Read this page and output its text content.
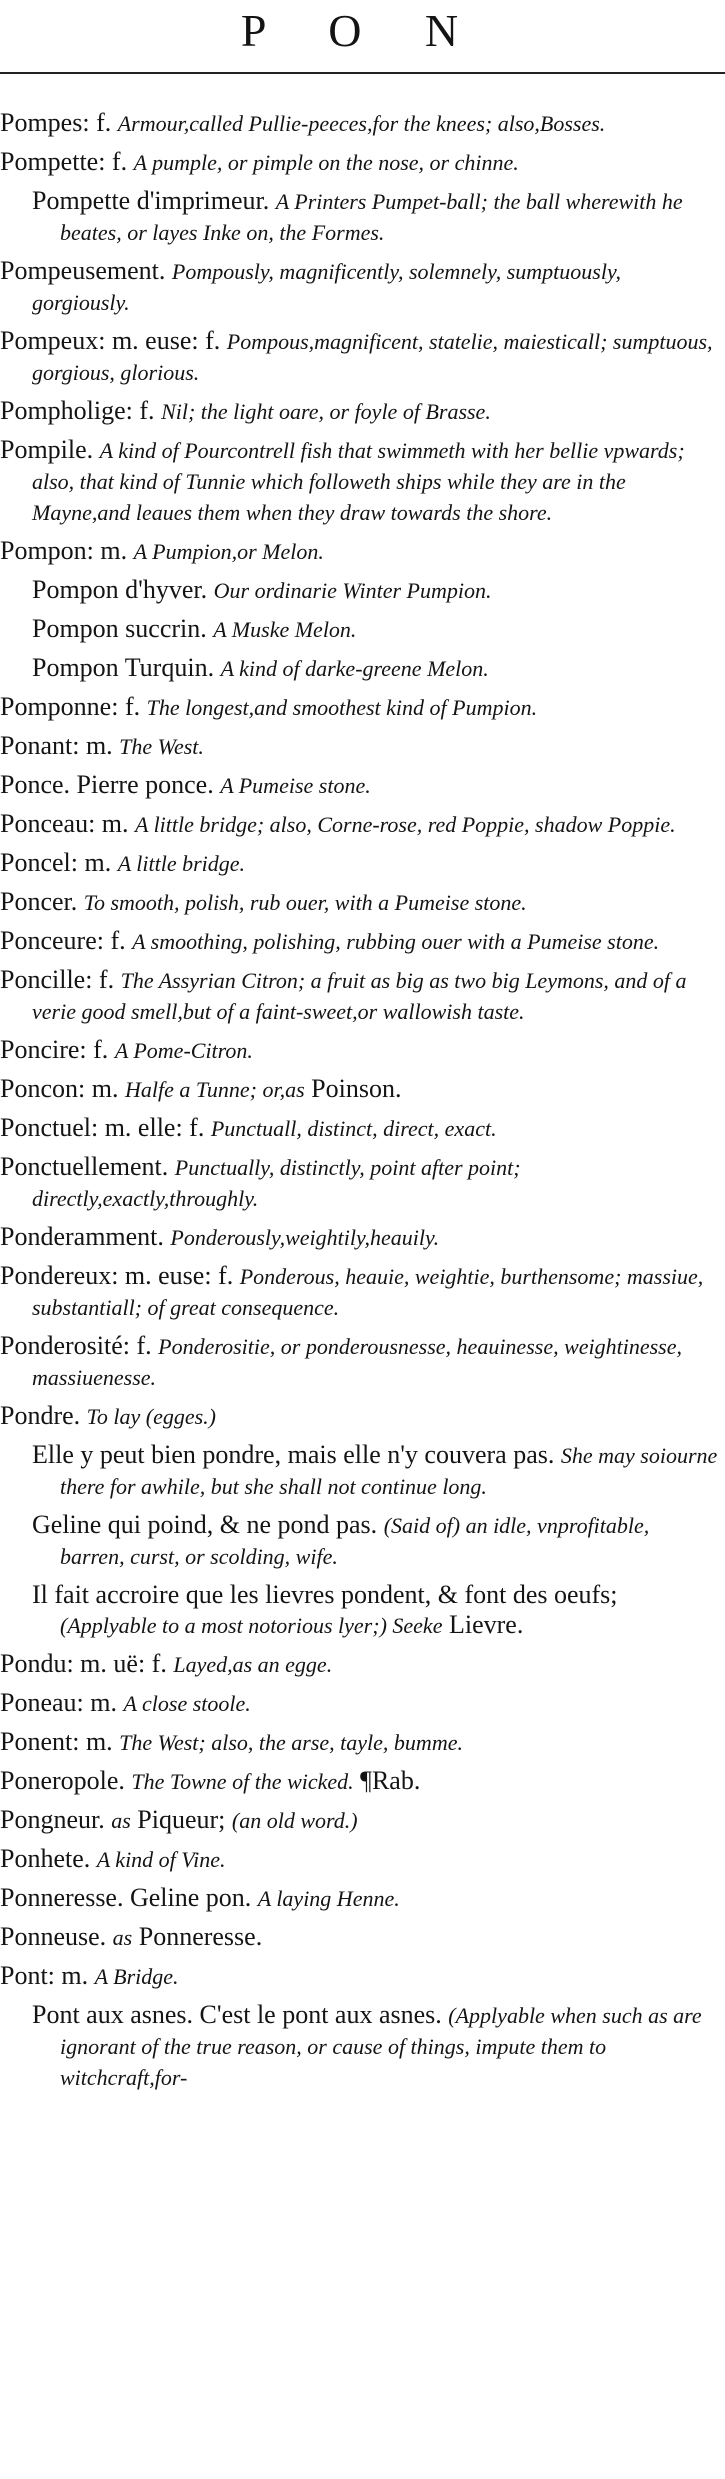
P O N

Pompes: f. Armour,called Pullie-peeces,for the knees; also,Bosses.

Pompette: f. A pumple, or pimple on the nose, or chinne.

Pompette d'imprimeur. A Printers Pumpet-ball; the ball wherewith he beates, or layes Inke on, the Formes.

Pompeusement. Pompously, magnificently, solemnely, sumptuously, gorgiously.

Pompeux: m. euse: f. Pompous,magnificent, statelie, maiesticall; sumptuous, gorgious, glorious.

Pompholige: f. Nil; the light oare, or foyle of Brasse.

Pompile. A kind of Pourcontrell fish that swimmeth with her bellie vpwards; also, that kind of Tunnie which followeth ships while they are in the Mayne,and leaues them when they draw towards the shore.

Pompon: m. A Pumpion,or Melon.

Pompon d'hyver. Our ordinarie Winter Pumpion.

Pompon succrin. A Muske Melon.

Pompon Turquin. A kind of darke-greene Melon.

Pomponne: f. The longest,and smoothest kind of Pumpion.

Ponant: m. The West.

Ponce. Pierre ponce. A Pumeise stone.

Ponceau: m. A little bridge; also, Corne-rose, red Poppie, shadow Poppie.

Poncel: m. A little bridge.

Poncer. To smooth, polish, rub ouer, with a Pumeise stone.

Ponceure: f. A smoothing, polishing, rubbing ouer with a Pumeise stone.

Poncille: f. The Assyrian Citron; a fruit as big as two big Leymons, and of a verie good smell,but of a faint-sweet,or wallowish taste.

Poncire: f. A Pome-Citron.

Poncon: m. Halfe a Tunne; or,as Poinson.

Ponctuel: m. elle: f. Punctuall, distinct, direct, exact.

Ponctuellement. Punctually, distinctly, point after point; directly,exactly,throughly.

Ponderamment. Ponderously,weightily,heauily.

Pondereux: m. euse: f. Ponderous, heauie, weightie, burthensome; massiue, substantiall; of great consequence.

Ponderosité: f. Ponderositie, or ponderousnesse, heauinesse, weightinesse, massiuenesse.

Pondre. To lay (egges.)

Elle y peut bien pondre, mais elle n'y couvera pas. She may soiourne there for awhile, but she shall not continue long.

Geline qui poind, & ne pond pas. (Said of) an idle, vnprofitable, barren, curst, or scolding, wife.

Il fait accroire que les lievres pondent, & font des oeufs; (Applyable to a most notorious lyer;) Seeke Lievre.

Pondu: m. uë: f. Layed,as an egge.

Poneau: m. A close stoole.

Ponent: m. The West; also, the arse, tayle, bumme.

Poneropole. The Towne of the wicked. ¶Rab.

Pongneur. as Piqueur; (an old word.)

Ponhete. A kind of Vine.

Ponneresse. Geline pon. A laying Henne.

Ponneuse. as Ponneresse.

Pont: m. A Bridge.

Pont aux asnes. C'est le pont aux asnes. (Applyable when such as are ignorant of the true reason, or cause of things, impute them to witchcraft,for-
